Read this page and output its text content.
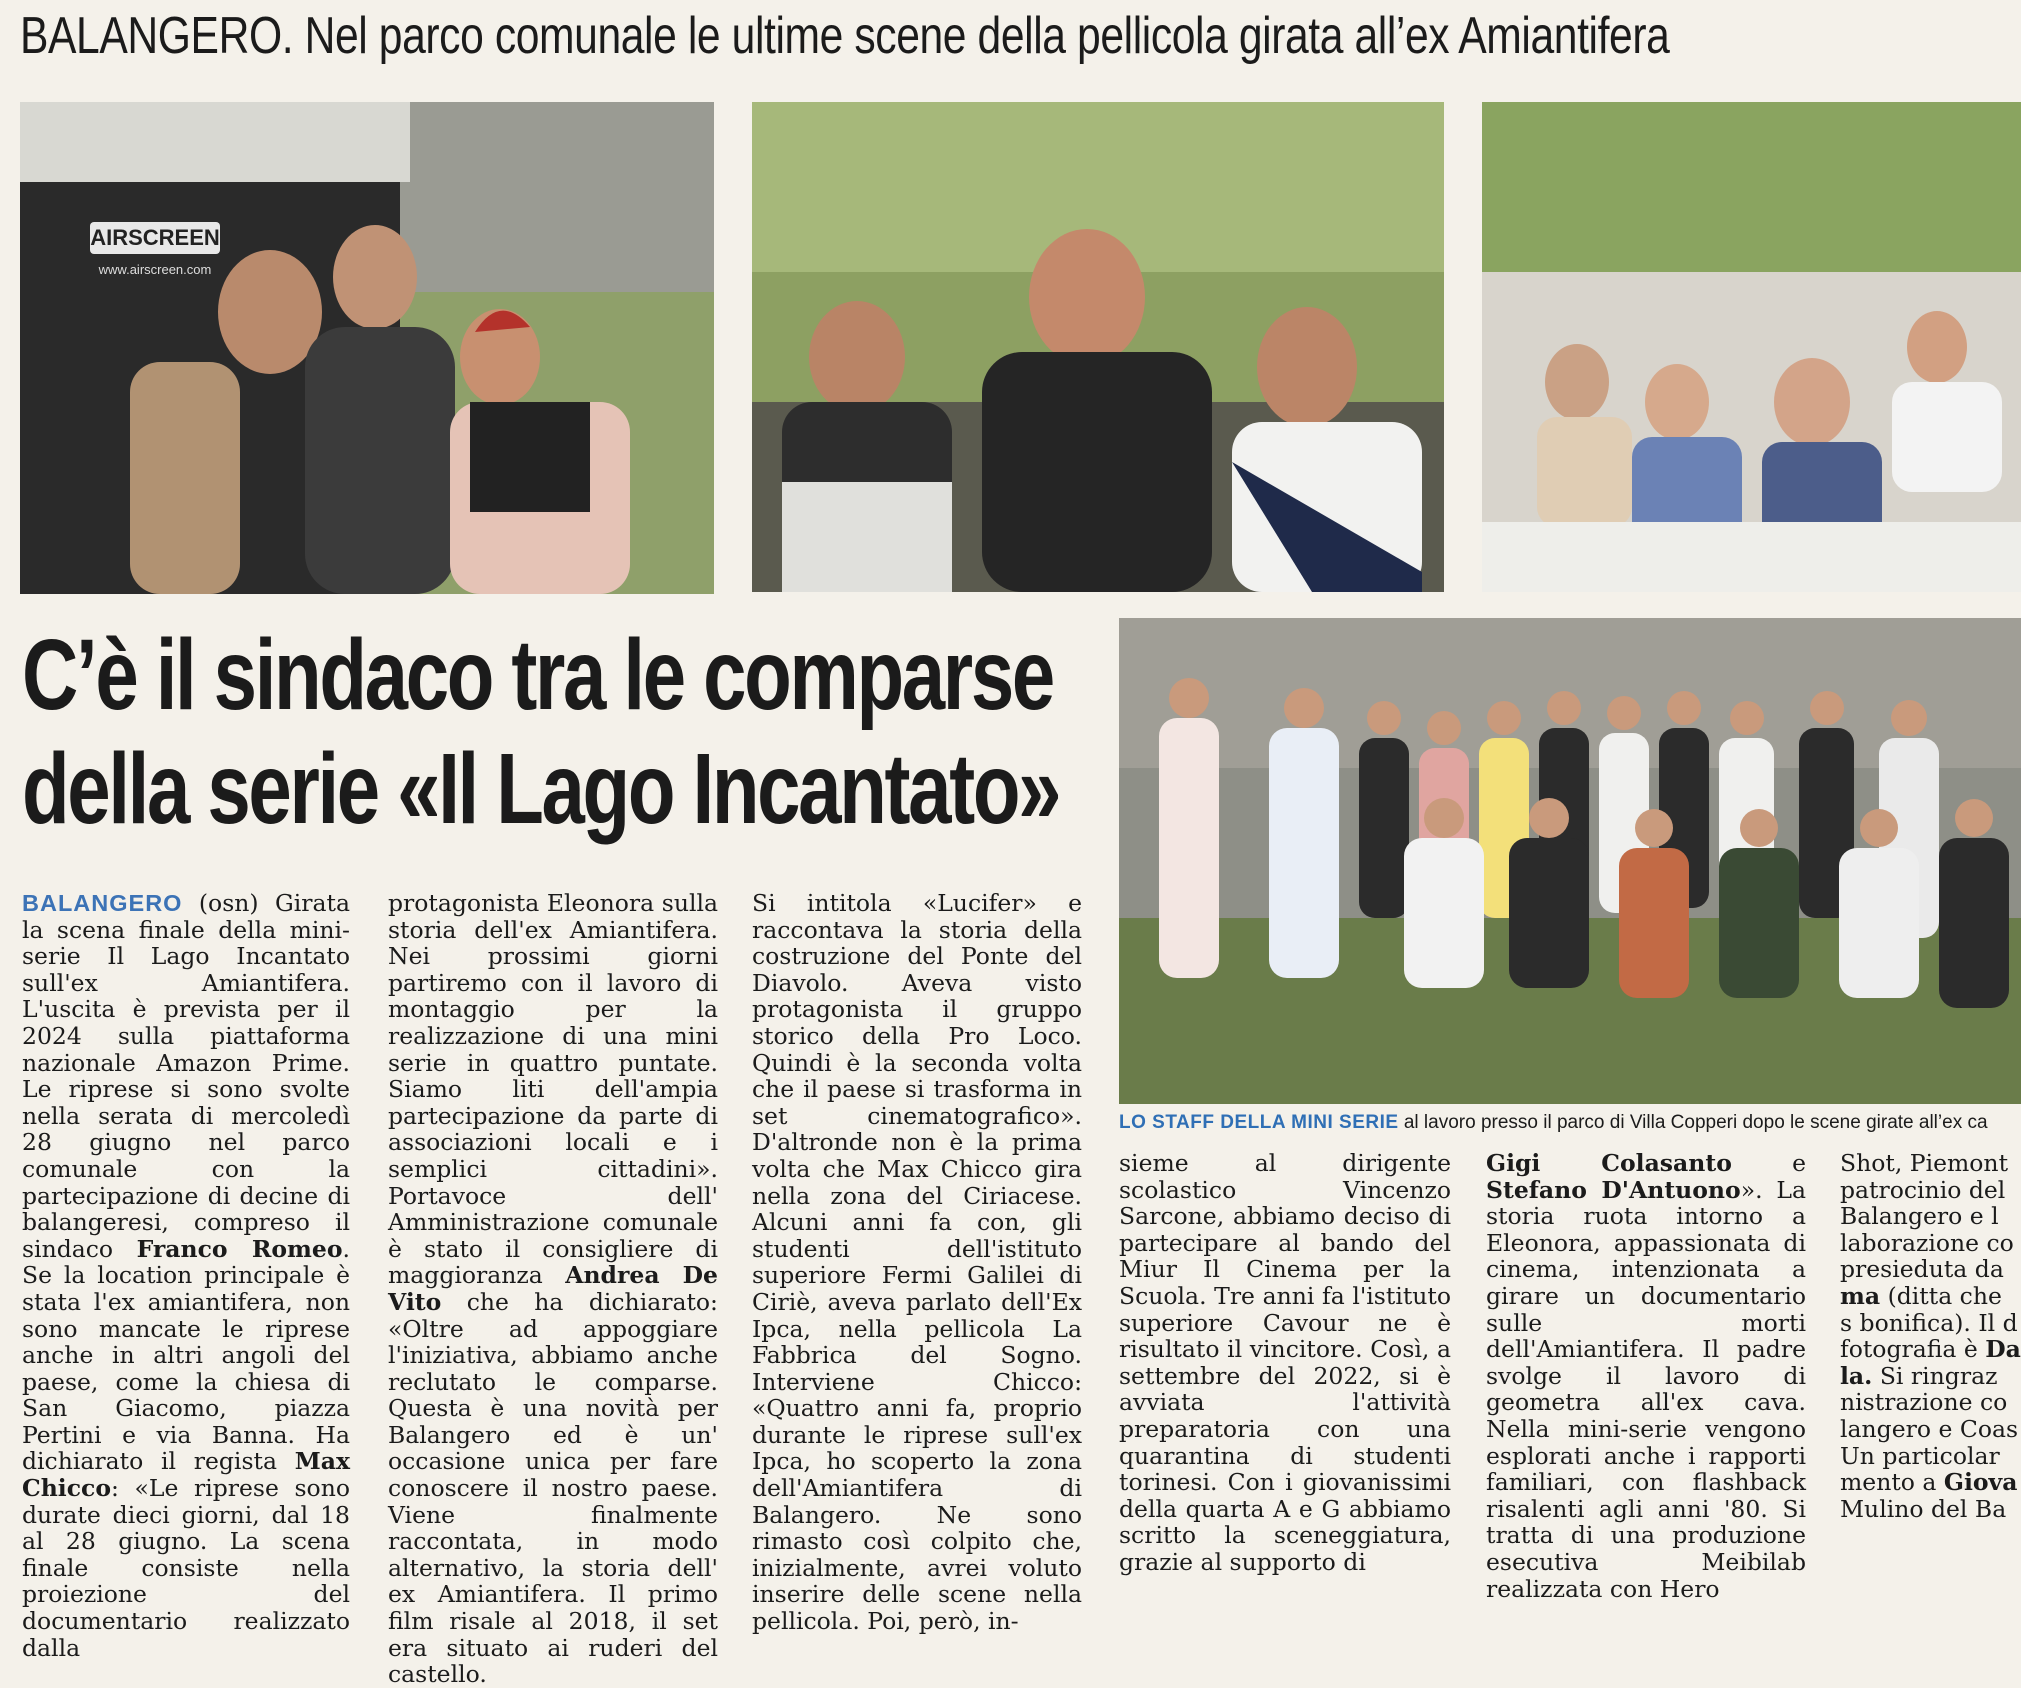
BALANGERO. Nel parco comunale le ultime scene della pellicola girata all’ex Amiantifera
AIRSCREEN
www.airscreen.com
C’è il sindaco tra le comparse
della serie «Il Lago Incantato»
LO STAFF DELLA MINI SERIE al lavoro presso il parco di Villa Copperi dopo le scene girate all’ex ca
BALANGERO (osn) Girata la scena finale della mini-serie Il Lago Incantato sull'ex Amiantifera. L'uscita è prevista per il 2024 sulla piattaforma nazionale Amazon Prime. Le riprese si sono svolte nella serata di mercoledì 28 giugno nel parco comunale con la partecipazione di decine di balangeresi, compreso il sindaco Franco Romeo. Se la location principale è stata l'ex amiantifera, non sono mancate le riprese anche in altri angoli del paese, come la chiesa di San Giacomo, piazza Pertini e via Banna. Ha dichiarato il regista Max Chicco: «Le riprese sono durate dieci giorni, dal 18 al 28 giugno. La scena finale consiste nella proiezione del documentario realizzato dalla
protagonista Eleonora sulla storia dell'ex Amiantifera. Nei prossimi giorni partiremo con il lavoro di montaggio per la realizzazione di una mini serie in quattro puntate. Siamo liti dell'ampia partecipazione da parte di associazioni locali e i semplici cittadini». Portavoce dell' Amministrazione comunale è stato il consigliere di maggioranza Andrea De Vito che ha dichiarato: «Oltre ad appoggiare l'iniziativa, abbiamo anche reclutato le comparse. Questa è una novità per Balangero ed è un' occasione unica per fare conoscere il nostro paese. Viene finalmente raccontata, in modo alternativo, la storia dell' ex Amiantifera. Il primo film risale al 2018, il set era situato ai ruderi del castello.
Si intitola «Lucifer» e raccontava la storia della costruzione del Ponte del Diavolo. Aveva visto protagonista il gruppo storico della Pro Loco. Quindi è la seconda volta che il paese si trasforma in set cinematografico». D'altronde non è la prima volta che Max Chicco gira nella zona del Ciriacese. Alcuni anni fa con, gli studenti dell'istituto superiore Fermi Galilei di Ciriè, aveva parlato dell'Ex Ipca, nella pellicola La Fabbrica del Sogno. Interviene Chicco: «Quattro anni fa, proprio durante le riprese sull'ex Ipca, ho scoperto la zona dell'Amiantifera di Balangero. Ne sono rimasto così colpito che, inizialmente, avrei voluto inserire delle scene nella pellicola. Poi, però, in-
sieme al dirigente scolastico Vincenzo Sarcone, abbiamo deciso di partecipare al bando del Miur Il Cinema per la Scuola. Tre anni fa l'istituto superiore Cavour ne è risultato il vincitore. Così, a settembre del 2022, si è avviata l'attività preparatoria con una quarantina di studenti torinesi. Con i giovanissimi della quarta A e G abbiamo scritto la sceneggiatura, grazie al supporto di
Gigi Colasanto	e Stefano D'Antuono». La storia ruota intorno a Eleonora, appassionata di cinema, intenzionata a girare un documentario sulle morti dell'Amiantifera. Il padre svolge il lavoro di geometra all'ex cava. Nella mini-serie vengono esplorati anche i rapporti familiari, con flashback risalenti agli anni '80. Si tratta di una produzione esecutiva Meibilab realizzata con Hero
Shot, Piemont patrocinio del Balangero e l laborazione co presieduta da ma (ditta che s bonifica). Il d fotografia è Da la. Si ringraz nistrazione co langero e Coas Un particolar mento a Giova Mulino del Ba
